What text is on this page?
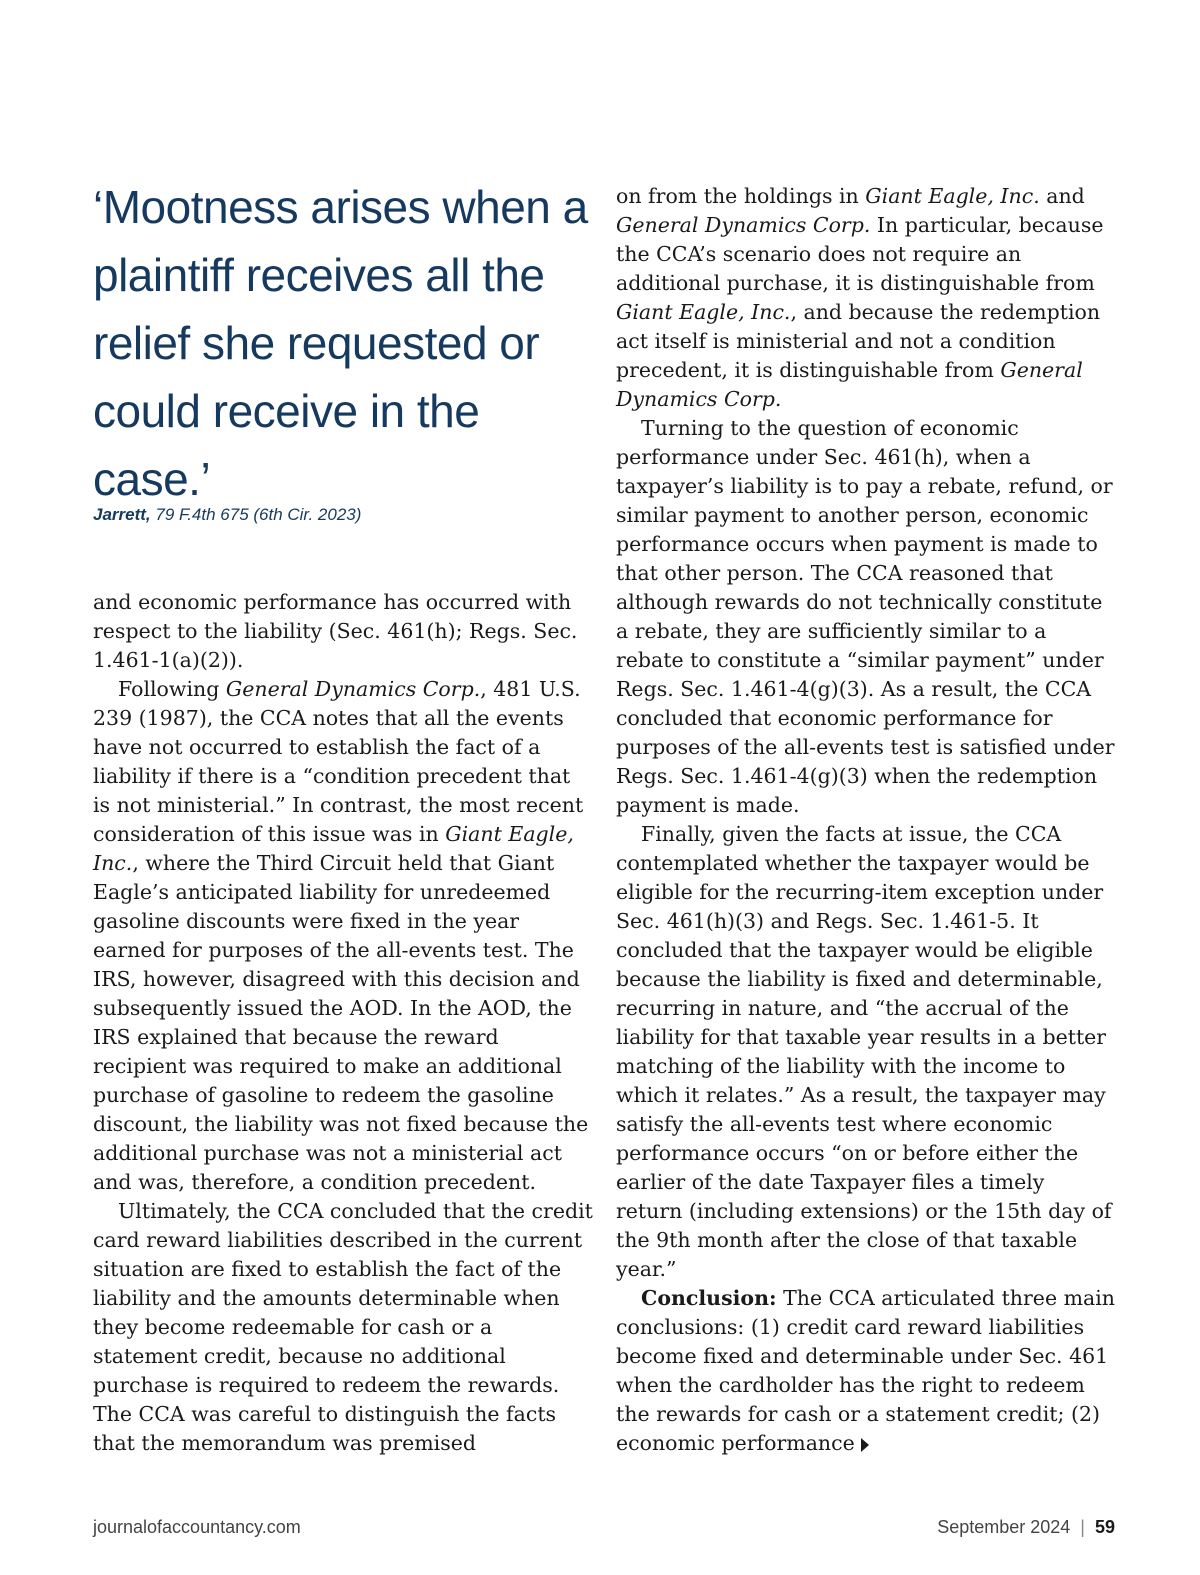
‘Mootness arises when a plaintiff receives all the relief she requested or could receive in the case.’
Jarrett, 79 F.4th 675 (6th Cir. 2023)

and economic performance has occurred with respect to the liability (Sec. 461(h); Regs. Sec. 1.461-1(a)(2)).

Following General Dynamics Corp., 481 U.S. 239 (1987), the CCA notes that all the events have not occurred to establish the fact of a liability if there is a “condition precedent that is not ministerial.” In contrast, the most recent consideration of this issue was in Giant Eagle, Inc., where the Third Circuit held that Giant Eagle’s anticipated liability for unredeemed gasoline discounts were fixed in the year earned for purposes of the all-events test. The IRS, however, disagreed with this decision and subsequently issued the AOD. In the AOD, the IRS explained that because the reward recipient was required to make an additional purchase of gasoline to redeem the gasoline discount, the liability was not fixed because the additional purchase was not a ministerial act and was, therefore, a condition precedent.

Ultimately, the CCA concluded that the credit card reward liabilities described in the current situation are fixed to establish the fact of the liability and the amounts determinable when they become redeemable for cash or a statement credit, because no additional purchase is required to redeem the rewards. The CCA was careful to distinguish the facts that the memorandum was premised

on from the holdings in Giant Eagle, Inc. and General Dynamics Corp. In particular, because the CCA’s scenario does not require an additional purchase, it is distinguishable from Giant Eagle, Inc., and because the redemption act itself is ministerial and not a condition precedent, it is distinguishable from General Dynamics Corp.

Turning to the question of economic performance under Sec. 461(h), when a taxpayer’s liability is to pay a rebate, refund, or similar payment to another person, economic performance occurs when payment is made to that other person. The CCA reasoned that although rewards do not technically constitute a rebate, they are sufficiently similar to a rebate to constitute a “similar payment” under Regs. Sec. 1.461-4(g)(3). As a result, the CCA concluded that economic performance for purposes of the all-events test is satisfied under Regs. Sec. 1.461-4(g)(3) when the redemption payment is made.

Finally, given the facts at issue, the CCA contemplated whether the taxpayer would be eligible for the recurring-item exception under Sec. 461(h)(3) and Regs. Sec. 1.461-5. It concluded that the taxpayer would be eligible because the liability is fixed and determinable, recurring in nature, and “the accrual of the liability for that taxable year results in a better matching of the liability with the income to which it relates.” As a result, the taxpayer may satisfy the all-events test where economic performance occurs “on or before either the earlier of the date Taxpayer files a timely return (including extensions) or the 15th day of the 9th month after the close of that taxable year.”

Conclusion: The CCA articulated three main conclusions: (1) credit card reward liabilities become fixed and determinable under Sec. 461 when the cardholder has the right to redeem the rewards for cash or a statement credit; (2) economic performance

journalofaccountancy.com	September 2024 | 59
